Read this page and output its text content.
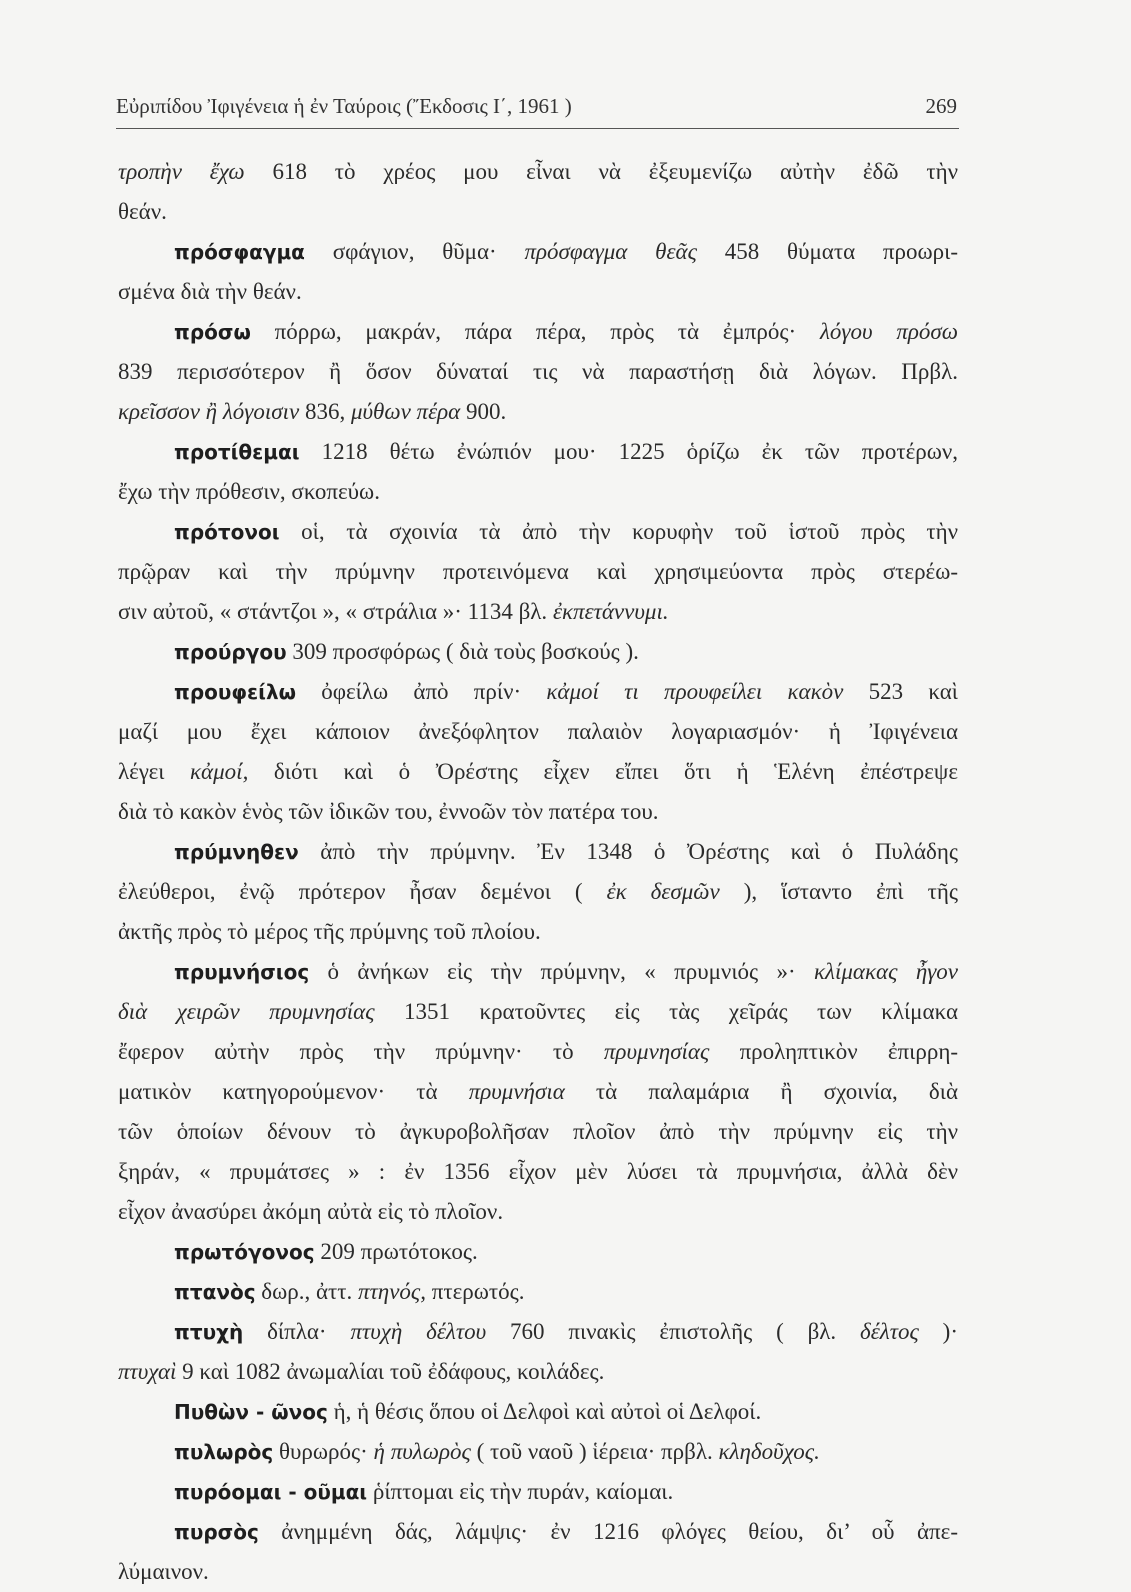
Εὐριπίδου Ἰφιγένεια ἡ ἐν Ταύροις (Ἔκδοσις Ι΄, 1961 )	269
τροπὴν ἔχω 618 τὸ χρέος μου εἶναι νὰ ἐξευμενίζω αὐτὴν ἐδῶ τὴν
θεάν.
πρόσφαγμα σφάγιον, θῦμα· πρόσφαγμα θεᾶς 458 θύματα προωρι-
σμένα διὰ τὴν θεάν.
πρόσω πόρρω, μακράν, πάρα πέρα, πρὸς τὰ ἐμπρός· λόγου πρόσω
839 περισσότερον ἢ ὅσον δύναταί τις νὰ παραστήσῃ διὰ λόγων. Πρβλ.
κρεῖσσον ἢ λόγοισιν 836, μύθων πέρα 900.
προτίθεμαι 1218 θέτω ἐνώπιόν μου· 1225 ὁρίζω ἐκ τῶν προτέρων,
ἔχω τὴν πρόθεσιν, σκοπεύω.
πρότονοι οἱ, τὰ σχοινία τὰ ἀπὸ τὴν κορυφὴν τοῦ ἱστοῦ πρὸς τὴν
πρῷραν καὶ τὴν πρύμνην προτεινόμενα καὶ χρησιμεύοντα πρὸς στερέω-
σιν αὐτοῦ, « στάντζοι », « στράλια »· 1134 βλ. ἐκπετάννυμι.
προύργου 309 προσφόρως ( διὰ τοὺς βοσκούς ).
προυφείλω ὀφείλω ἀπὸ πρίν· κἀμοί τι προυφείλει κακὸν 523 καὶ
μαζί μου ἔχει κάποιον ἀνεξόφλητον παλαιὸν λογαριασμόν· ἡ Ἰφιγένεια
λέγει κἀμοί, διότι καὶ ὁ Ὀρέστης εἶχεν εἴπει ὅτι ἡ Ἑλένη ἐπέστρεψε
διὰ τὸ κακὸν ἑνὸς τῶν ἰδικῶν του, ἐννοῶν τὸν πατέρα του.
πρύμνηθεν ἀπὸ τὴν πρύμνην. Ἐν 1348 ὁ Ὀρέστης καὶ ὁ Πυλάδης
ἐλεύθεροι, ἐνῷ πρότερον ἦσαν δεμένοι ( ἐκ δεσμῶν ), ἵσταντο ἐπὶ τῆς
ἀκτῆς πρὸς τὸ μέρος τῆς πρύμνης τοῦ πλοίου.
πρυμνήσιος ὁ ἀνήκων εἰς τὴν πρύμνην, « πρυμνιός »· κλίμακας ἦγον
διὰ χειρῶν πρυμνησίας 1351 κρατοῦντες εἰς τὰς χεῖράς των κλίμακα
ἔφερον αὐτὴν πρὸς τὴν πρύμνην· τὸ πρυμνησίας προληπτικὸν ἐπιρρη-
ματικὸν κατηγορούμενον· τὰ πρυμνήσια τὰ παλαμάρια ἢ σχοινία, διὰ
τῶν ὁποίων δένουν τὸ ἀγκυροβολῆσαν πλοῖον ἀπὸ τὴν πρύμνην εἰς τὴν
ξηράν, « πρυμάτσες » : ἐν 1356 εἶχον μὲν λύσει τὰ πρυμνήσια, ἀλλὰ δὲν
εἶχον ἀνασύρει ἀκόμη αὐτὰ εἰς τὸ πλοῖον.
πρωτόγονος 209 πρωτότοκος.
πτανὸς δωρ., ἀττ. πτηνός, πτερωτός.
πτυχὴ δίπλα· πτυχὴ δέλτου 760 πινακὶς ἐπιστολῆς ( βλ. δέλτος )·
πτυχαὶ 9 καὶ 1082 ἀνωμαλίαι τοῦ ἐδάφους, κοιλάδες.
Πυθὼν - ῶνος ἡ, ἡ θέσις ὅπου οἱ Δελφοὶ καὶ αὐτοὶ οἱ Δελφοί.
πυλωρὸς θυρωρός· ἡ πυλωρὸς ( τοῦ ναοῦ ) ἱέρεια· πρβλ. κληδοῦχος.
πυρόομαι - οῦμαι ῥίπτομαι εἰς τὴν πυράν, καίομαι.
πυρσὸς ἀνημμένη δάς, λάμψις· ἐν 1216 φλόγες θείου, δι’ οὗ ἀπε-
λύμαινον.
